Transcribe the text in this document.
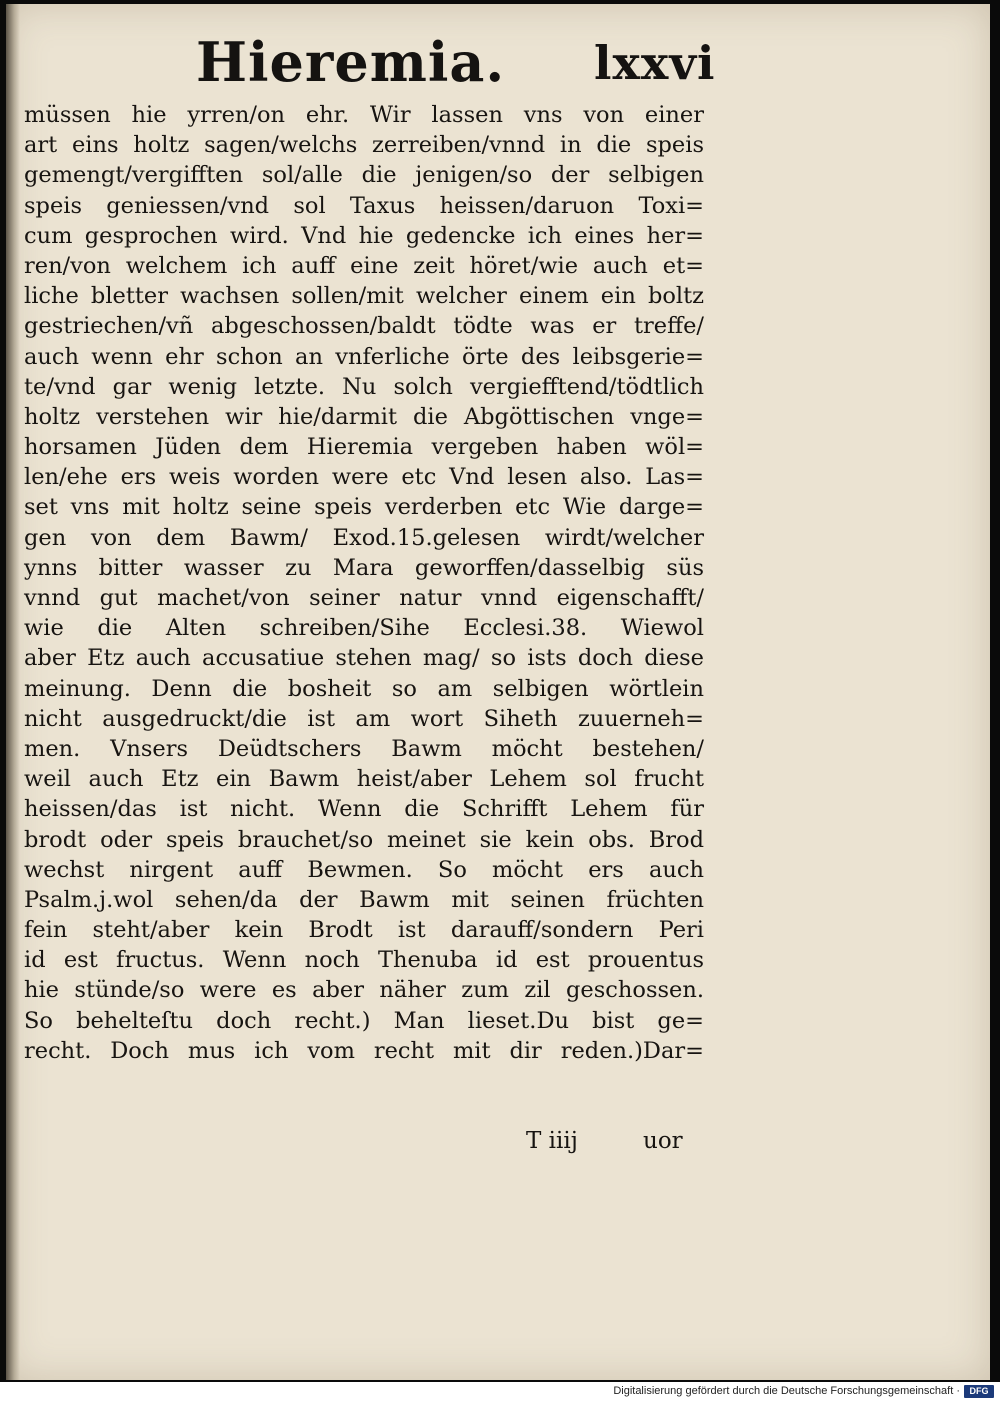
Hieremia. lxxvi
müssen hie yrren/on ehr. Wir lassen vns von einer
art eins holtz sagen/welchs zerreiben/vnnd in die speis
gemengt/vergifften sol/alle die jenigen/so der selbigen
speis geniessen/vnd sol Taxus heissen/daruon Toxi=
cum gesprochen wird. Vnd hie gedencke ich eines her=
ren/von welchem ich auff eine zeit höret/wie auch et=
liche bletter wachsen sollen/mit welcher einem ein boltz
gestriechen/vñ abgeschossen/baldt tödte was er treffe/
auch wenn ehr schon an vnferliche örte des leibsgerie=
te/vnd gar wenig letzte. Nu solch vergiefftend/tödtlich
holtz verstehen wir hie/darmit die Abgöttischen vnge=
horsamen Jüden dem Hieremia vergeben haben wöl=
len/ehe ers weis worden were etc Vnd lesen also. Las=
set vns mit holtz seine speis verderben etc Wie darge=
gen von dem Bawm/ Exod.15.gelesen wirdt/welcher
ynns bitter wasser zu Mara geworffen/dasselbig süs
vnnd gut machet/von seiner natur vnnd eigenschafft/
wie die Alten schreiben/Sihe Ecclesi.38. Wiewol
aber Etz auch accusatiue stehen mag/ so ists doch diese
meinung. Denn die bosheit so am selbigen wörtlein
nicht ausgedruckt/die ist am wort Siheth zuuerneh=
men. Vnsers Deüdtschers Bawm möcht bestehen/
weil auch Etz ein Bawm heist/aber Lehem sol frucht
heissen/das ist nicht. Wenn die Schrifft Lehem für
brodt oder speis brauchet/so meinet sie kein obs. Brod
wechst nirgent auff Bewmen. So möcht ers auch
Psalm.j.wol sehen/da der Bawm mit seinen früchten
fein steht/aber kein Brodt ist darauff/sondern Peri
id est fructus. Wenn noch Thenuba id est prouentus
hie stünde/so were es aber näher zum zil geschossen.
So behelteſtu doch recht.) Man lieset.Du bist ge=
recht. Doch mus ich vom recht mit dir reden.)Dar=
T iiij	uor
Digitalisierung gefördert durch die Deutsche Forschungsgemeinschaft ·	DFG
